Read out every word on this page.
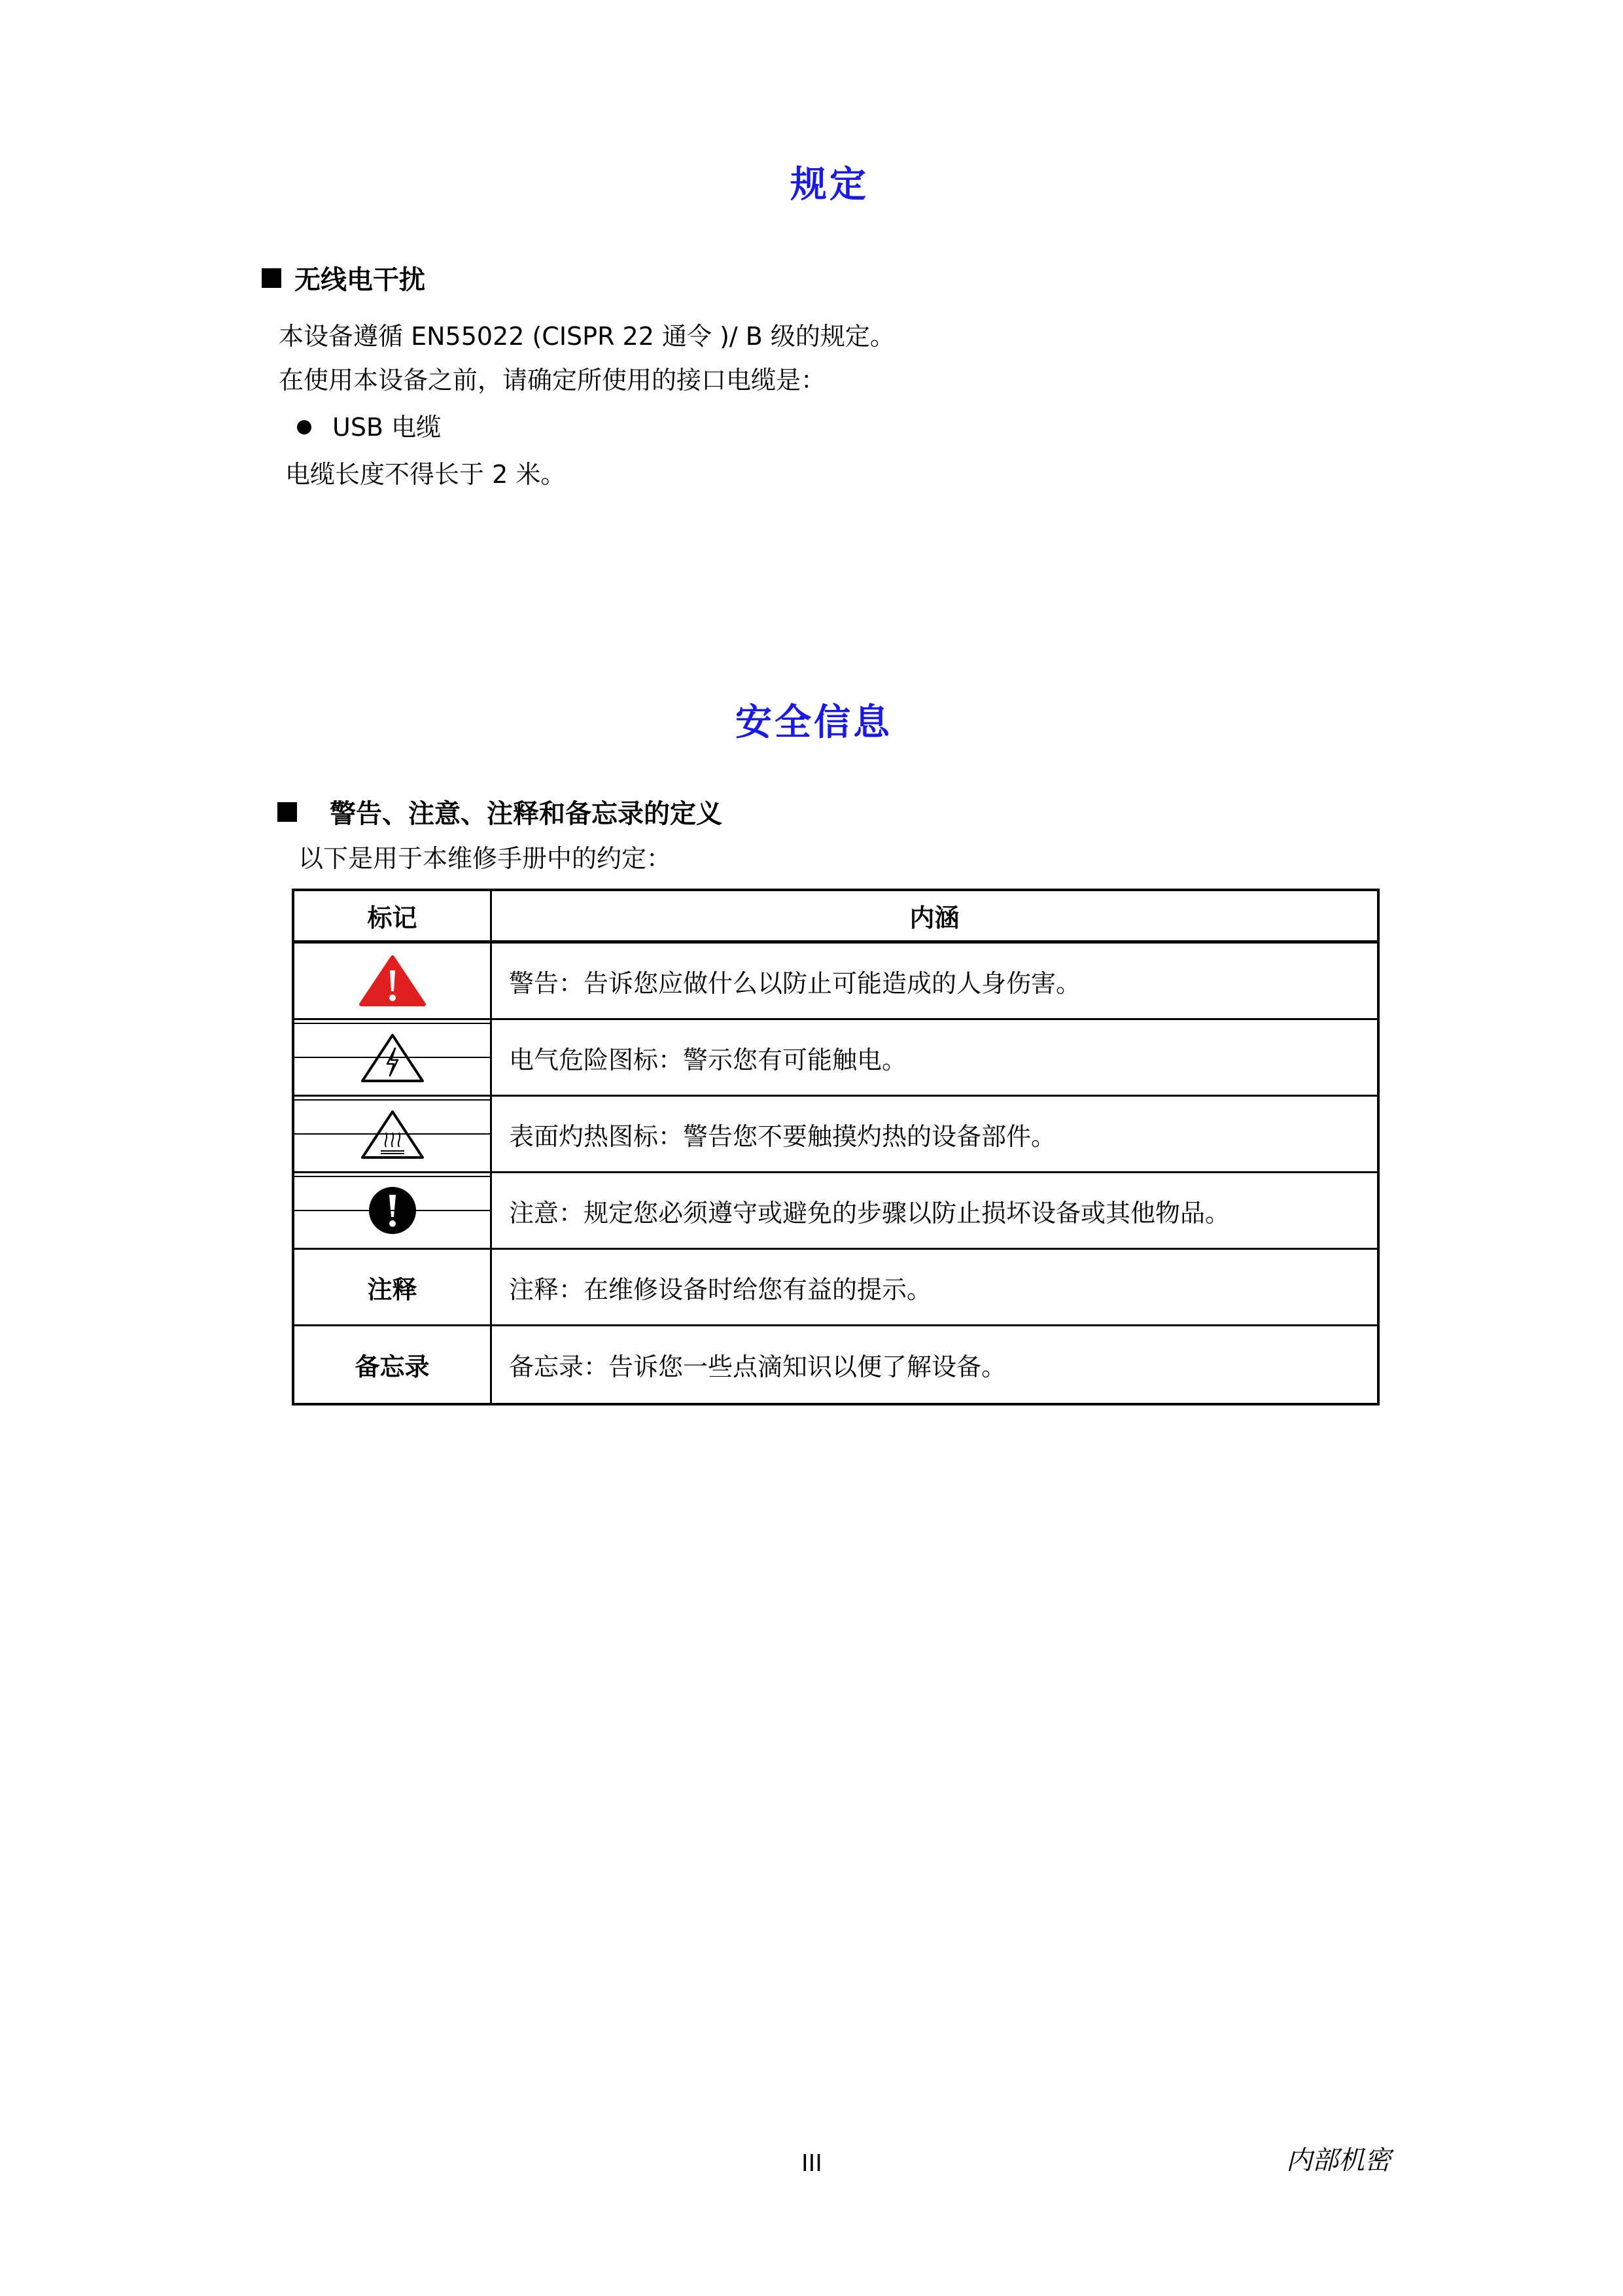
规定
无线电干扰
本设备遵循 EN55022 (CISPR 22 通令 )/ B 级的规定。
在使用本设备之前，请确定所使用的接口电缆是：
USB 电缆
电缆长度不得长于 2 米。
安全信息
警告、注意、注释和备忘录的定义
以下是用于本维修手册中的约定：
标记	内涵
警告：告诉您应做什么以防止可能造成的人身伤害。
电气危险图标：警示您有可能触电。
表面灼热图标：警告您不要触摸灼热的设备部件。
注意：规定您必须遵守或避免的步骤以防止损坏设备或其他物品。
注释	注释：在维修设备时给您有益的提示。
备忘录	备忘录：告诉您一些点滴知识以便了解设备。
III	内部机密
